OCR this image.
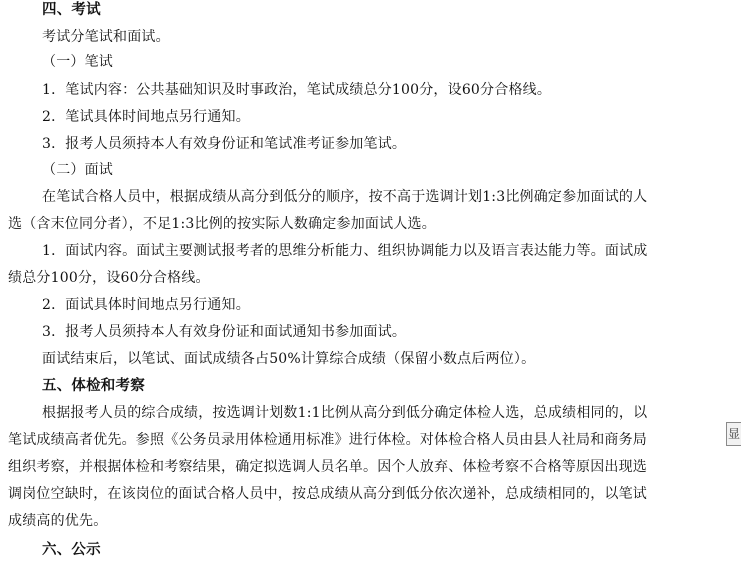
四、考试
考试分笔试和面试。
（一）笔试
1．笔试内容：公共基础知识及时事政治，笔试成绩总分100分，设60分合格线。
2．笔试具体时间地点另行通知。
3．报考人员须持本人有效身份证和笔试准考证参加笔试。
（二）面试
在笔试合格人员中，根据成绩从高分到低分的顺序，按不高于选调计划1:3比例确定参加面试的人
选（含末位同分者），不足1:3比例的按实际人数确定参加面试人选。
1．面试内容。面试主要测试报考者的思维分析能力、组织协调能力以及语言表达能力等。面试成
绩总分100分，设60分合格线。
2．面试具体时间地点另行通知。
3．报考人员须持本人有效身份证和面试通知书参加面试。
面试结束后，以笔试、面试成绩各占50%计算综合成绩（保留小数点后两位）。
五、体检和考察
根据报考人员的综合成绩，按选调计划数1:1比例从高分到低分确定体检人选，总成绩相同的，以
笔试成绩高者优先。参照《公务员录用体检通用标准》进行体检。对体检合格人员由县人社局和商务局
组织考察，并根据体检和考察结果，确定拟选调人员名单。因个人放弃、体检考察不合格等原因出现选
调岗位空缺时，在该岗位的面试合格人员中，按总成绩从高分到低分依次递补，总成绩相同的，以笔试
成绩高的优先。
六、公示
显
